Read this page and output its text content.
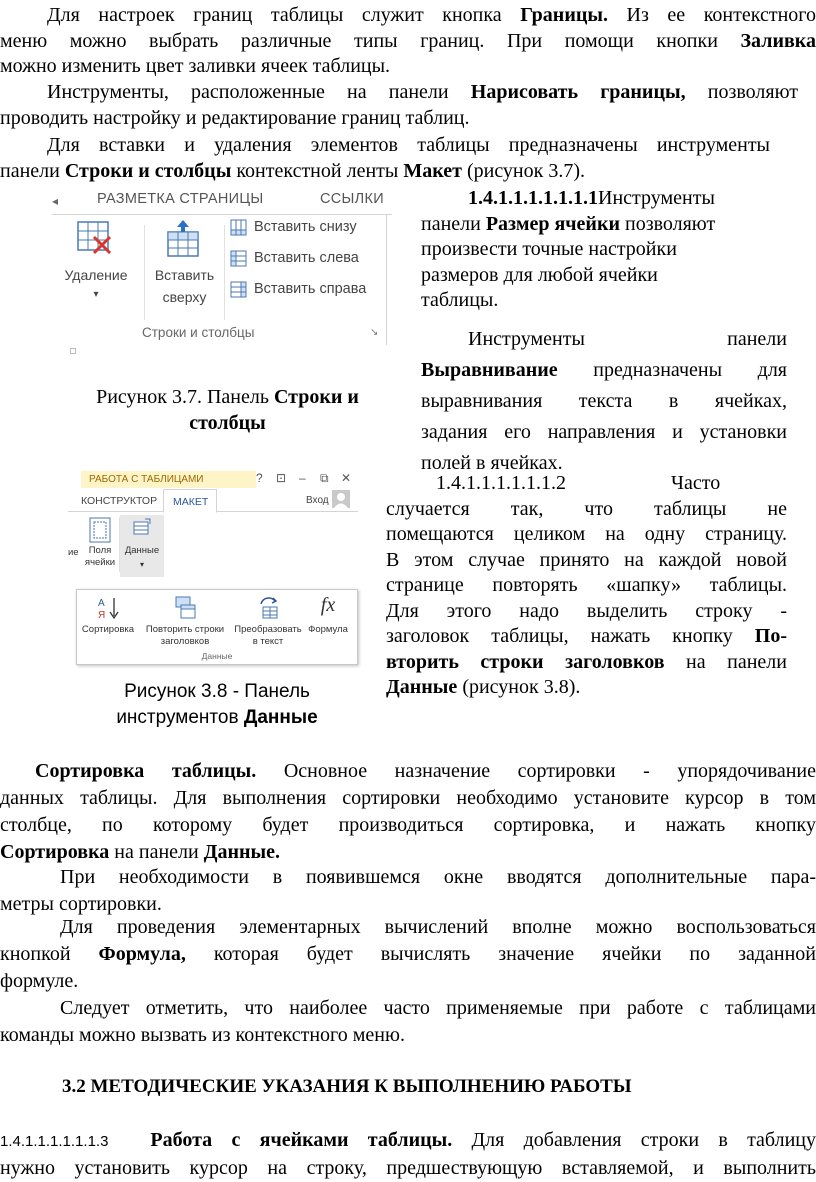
Для настроек границ таблицы служит кнопка Границы. Из ее контекстного
меню можно выбрать различные типы границ. При помощи кнопки Заливка
можно изменить цвет заливки ячеек таблицы.
Инструменты, расположенные на панели Нарисовать границы, позволяют
проводить настройку и редактирование границ таблиц.
Для вставки и удаления элементов таблицы предназначены инструменты
панели Строки и столбцы контекстной ленты Макет (рисунок 3.7).
◂	РАЗМЕТКА СТРАНИЦЫ	ССЫЛКИ
Удаление
▾
Вставить
сверху
Вставить снизу
Вставить слева
Вставить справа
Строки и столбцы	↘
Рисунок 3.7. Панель Строки и
столбцы
1.4.1.1.1.1.1.1.1Инструменты
панели Размер ячейки позволяют
произвести точные настройки
размеров для любой ячейки
таблицы.
Инструменты панели
Выравнивание предназначены для
выравнивания текста в ячейках,
задания его направления и установки
полей в ячейках.
РАБОТА С ТАБЛИЦАМИ	? ⊡ – ⧉ ✕
КОНСТРУКТОР МАКЕТ	Вход
ие	Поля
ячейки
Данные
▾
А
Я
Сортировка	Повторить строки
заголовков
Преобразовать
в текст
fx
Формула
Данные
Рисунок 3.8 - Панель
инструментов Данные
1.4.1.1.1.1.1.1.2	Часто
случается так, что таблицы не
помещаются целиком на одну страницу.
В этом случае принято на каждой новой
странице повторять «шапку» таблицы.
Для этого надо выделить строку -
заголовок таблицы, нажать кнопку По-
вторить строки заголовков на панели
Данные (рисунок 3.8).
Сортировка таблицы. Основное назначение сортировки - упорядочивание
данных таблицы. Для выполнения сортировки необходимо установите курсор в том
столбце, по которому будет производиться сортировка, и нажать кнопку
Сортировка на панели Данные.
При необходимости в появившемся окне вводятся дополнительные пара-
метры сортировки.
Для проведения элементарных вычислений вполне можно воспользоваться
кнопкой Формула, которая будет вычислять значение ячейки по заданной
формуле.
Следует отметить, что наиболее часто применяемые при работе с таблицами
команды можно вызвать из контекстного меню.
3.2 МЕТОДИЧЕСКИЕ УКАЗАНИЯ К ВЫПОЛНЕНИЮ РАБОТЫ
1.4.1.1.1.1.1.1.3 Работа с ячейками таблицы. Для добавления строки в таблицу
нужно установить курсор на строку, предшествующую вставляемой, и выполнить
